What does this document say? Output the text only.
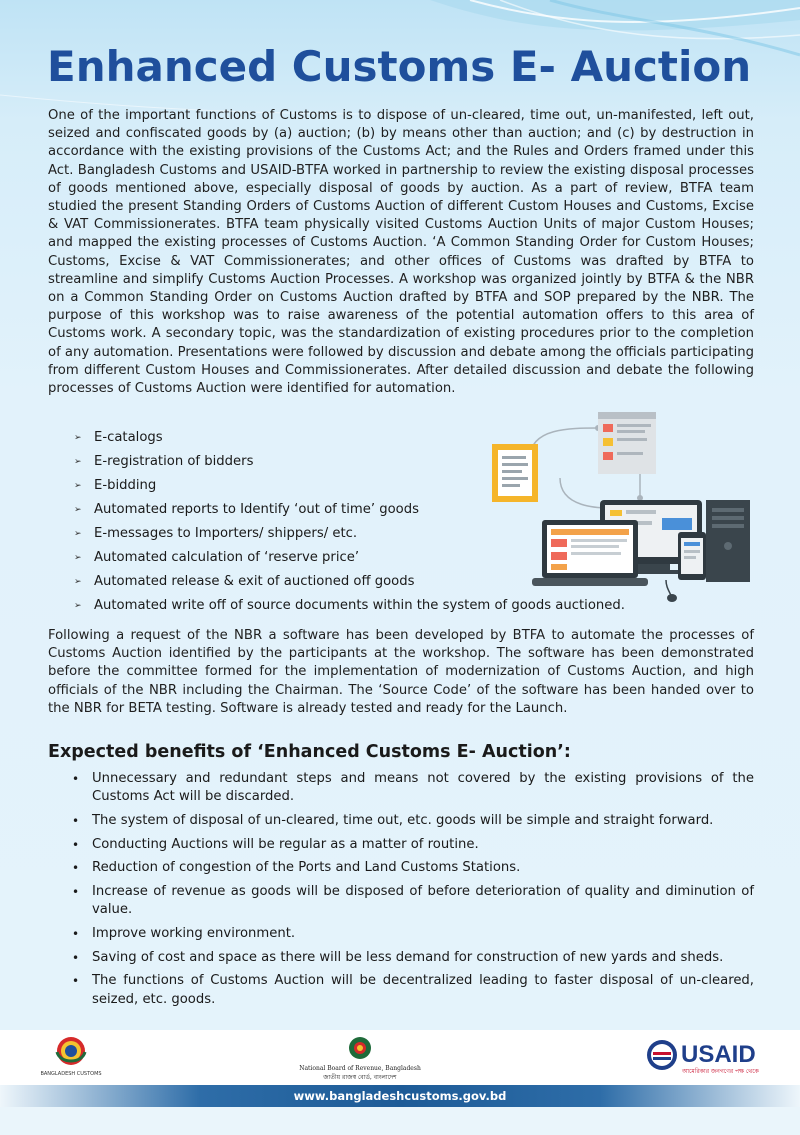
Enhanced Customs E- Auction

One of the important functions of Customs is to dispose of un-cleared, time out, un-manifested, left out, seized and confiscated goods by (a) auction; (b) by means other than auction; and (c) by destruction in accordance with the existing provisions of the Customs Act; and the Rules and Orders framed under this Act. Bangladesh Customs and USAID-BTFA worked in partnership to review the existing disposal processes of goods mentioned above, especially disposal of goods by auction. As a part of review, BTFA team studied the present Standing Orders of Customs Auction of different Custom Houses and Customs, Excise & VAT Commissionerates. BTFA team physically visited Customs Auction Units of major Custom Houses; and mapped the existing processes of Customs Auction. ‘A Common Standing Order for Custom Houses; Customs, Excise & VAT Commissionerates; and other offices of Customs was drafted by BTFA to streamline and simplify Customs Auction Processes. A workshop was organized jointly by BTFA & the NBR on a Common Standing Order on Customs Auction drafted by BTFA and SOP prepared by the NBR. The purpose of this workshop was to raise awareness of the potential automation offers to this area of Customs work. A secondary topic, was the standardization of existing procedures prior to the completion of any automation. Presentations were followed by discussion and debate among the officials participating from different Custom Houses and Commissionerates. After detailed discussion and debate the following processes of Customs Auction were identified for automation.

➢ E-catalogs
➢ E-registration of bidders
➢ E-bidding
➢ Automated reports to Identify ‘out of time’ goods
➢ E-messages to Importers/ shippers/ etc.
➢ Automated calculation of ‘reserve price’
➢ Automated release & exit of auctioned off goods
➢ Automated write off of source documents within the system of goods auctioned.

Following a request of the NBR a software has been developed by BTFA to automate the processes of Customs Auction identified by the participants at the workshop. The software has been demonstrated before the committee formed for the implementation of modernization of Customs Auction, and high officials of the NBR including the Chairman. The ‘Source Code’ of the software has been handed over to the NBR for BETA testing. Software is already tested and ready for the Launch.

Expected benefits of ‘Enhanced Customs E- Auction’:
• Unnecessary and redundant steps and means not covered by the existing provisions of the Customs Act will be discarded.
• The system of disposal of un-cleared, time out, etc. goods will be simple and straight forward.
• Conducting Auctions will be regular as a matter of routine.
• Reduction of congestion of the Ports and Land Customs Stations.
• Increase of revenue as goods will be disposed of before deterioration of quality and diminution of value.
• Improve working environment.
• Saving of cost and space as there will be less demand for construction of new yards and sheds.
• The functions of Customs Auction will be decentralized leading to faster disposal of un-cleared, seized, etc. goods.
BANGLADESH CUSTOMS
National Board of Revenue, Bangladesh
জাতীয় রাজস্ব বোর্ড, বাংলাদেশ
USAID
আমেরিকার জনগণের পক্ষ থেকে
www.bangladeshcustoms.gov.bd
